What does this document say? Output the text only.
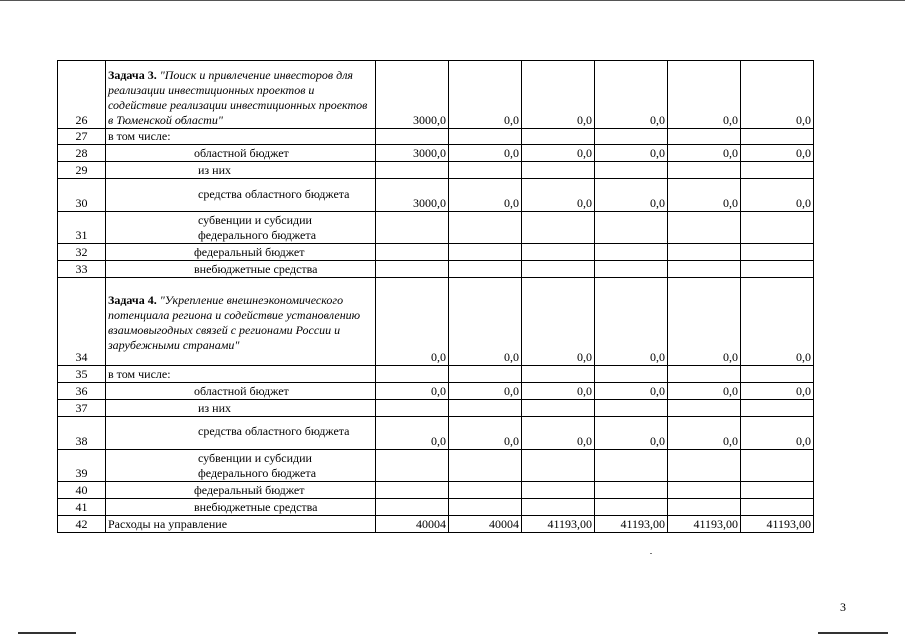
26	Задача 3. "Поиск и привлечение инвесторов для реализации инвестиционных проектов и содействие реализации инвестиционных проектов в Тюменской области"	3000,0	0,0	0,0	0,0	0,0	0,0
27	в том числе:						
28	областной бюджет	3000,0	0,0	0,0	0,0	0,0	0,0
29	из них						
30	средства областного бюджета	3000,0	0,0	0,0	0,0	0,0	0,0
31	субвенции и субсидии федерального бюджета						
32	федеральный бюджет						
33	внебюджетные средства						
34	Задача 4. "Укрепление внешнеэкономического потенциала региона и содействие установлению взаимовыгодных связей с регионами России и зарубежными странами"	0,0	0,0	0,0	0,0	0,0	0,0
35	в том числе:						
36	областной бюджет	0,0	0,0	0,0	0,0	0,0	0,0
37	из них						
38	средства областного бюджета	0,0	0,0	0,0	0,0	0,0	0,0
39	субвенции и субсидии федерального бюджета						
40	федеральный бюджет						
41	внебюджетные средства						
42	Расходы на управление	40004	40004	41193,00	41193,00	41193,00	41193,00
3
